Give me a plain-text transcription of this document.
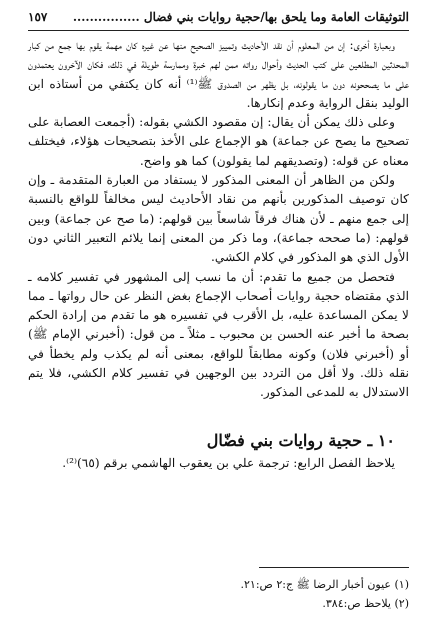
التوثيقات العامة وما يلحق بها/حجية روايات بني فضال ................
١٥٧

وبعبارة أخرى: إن من المعلوم أن نقد الأحاديث وتمييز الصحيح منها عن غيره كان مهمة يقوم بها جمع من كبار المحدثين المطلعين على كتب الحديث وأحوال رواته ممن لهم خبرة وممارسة طويلة في ذلك، فكان الآخرون يعتمدون على ما يصححونه دون ما يقولونه، بل يظهر من الصدوق ﷺ⁽¹⁾ أنه كان يكتفي من أستاذه ابن الوليد بنقل الرواية وعدم إنكارها.

وعلى ذلك يمكن أن يقال: إن مقصود الكشي بقوله: (أجمعت العصابة على تصحيح ما يصح عن جماعة) هو الإجماع على الأخذ بتصحيحات هؤلاء، فيختلف معناه عن قوله: (وتصديقهم لما يقولون) كما هو واضح.

ولكن من الظاهر أن المعنى المذكور لا يستفاد من العبارة المتقدمة ـ وإن كان توصيف المذكورين بأنهم من نقاد الأحاديث ليس مخالفاً للواقع بالنسبة إلى جمع منهم ـ لأن هناك فرقاً شاسعاً بين قولهم: (ما صح عن جماعة) وبين قولهم: (ما صححه جماعة)، وما ذكر من المعنى إنما يلائم التعبير الثاني دون الأول الذي هو المذكور في كلام الكشي.

فتحصل من جميع ما تقدم: أن ما نسب إلى المشهور في تفسير كلامه ـ الذي مقتضاه حجية روايات أصحاب الإجماع بغض النظر عن حال رواتها ـ مما لا يمكن المساعدة عليه، بل الأقرب في تفسيره هو ما تقدم من إرادة الحكم بصحة ما أخبر عنه الحسن بن محبوب ـ مثلاً ـ من قول: (أخبرني الإمام ﷺ) أو (أخبرني فلان) وكونه مطابقاً للواقع، بمعنى أنه لم يكذب ولم يخطأ في نقله ذلك. ولا أقل من التردد بين الوجهين في تفسير كلام الكشي، فلا يتم الاستدلال به للمدعى المذكور.

١٠ ـ حجية روايات بني فضّال
يلاحظ الفصل الرابع: ترجمة علي بن يعقوب الهاشمي برقم (٦٥)⁽²⁾.
(١) عيون أخبار الرضا ﷺ ج:٢ ص:٢١.
(٢) يلاحظ ص:٣٨٤.
